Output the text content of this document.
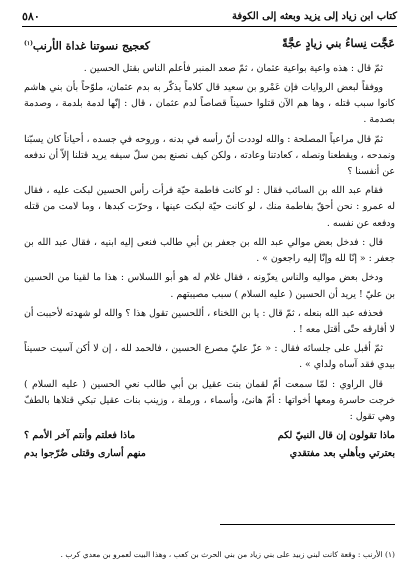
كتاب ابن زياد إلى يزيد وبعثه إلى الكوفة
٥٨٠
عَجَّت نِساءُ بني زيادٍ عجَّةً
كعجيج نسوتنا غداة الأرنب$^{(١)}$

ثمّ قال : هذه واعية بواعية عثمان ، ثمّ صعد المنبر فأعلم الناس بقتل الحسين .

ووفقاً لبعض الروايات فإن عَمْرو بن سعيد قال كلاماً يذكّر به بدم عثمان، ملوّحاً بأن بني هاشم كانوا سبب قتله ، وها هم الآن قتلوا حسيناً قصاصاً لدم عثمان ، قال : إنّها لدمة بلدمة ، وصدمة بصدمة .

ثمّ قال مراعياً المصلحة : والله لوددت أنّ رأسه في بدنه ، وروحه في جسده ، أحياناً كان يسبّنا ونمدحه ، ويقطعنا ونصله ، كعادتنا وعادته ، ولكن كيف نصنع بمن سلّ سيفه يريد قتلنا إلاّ أن ندفعه عن أنفسنا ؟

فقام عبد الله بن السائب فقال : لو كانت فاطمة حيّة فرأت رأس الحسين لبكت عليه ، فقال له عمرو : نحن أحقّ بفاطمة منك ، لو كانت حيّة لبكت عينها ، وحرّت كبدها ، وما لامت من قتله ودفعه عن نفسه .

قال : فدخل بعض موالي عبد الله بن جعفر بن أبي طالب فنعى إليه ابنيه ، فقال عبد الله بن جعفر : « إنّا لله وإنّا إليه راجعون » .

ودخل بعض مواليه والناس يعزّونه ، فقال غلام له هو أبو اللسلاس : هذا ما لقينا من الحسين بن عليّ ! يريد أن الحسين ( عليه السلام ) سبب مصيبتهم .

فحذفه عبد الله بنعله ، ثمّ قال : يا بن اللخناء ، أللحسين تقول هذا ؟ والله لو شهدته لأحببت أن لا أفارقه حتّى أقتل معه ! .

ثمّ أقبل على جلسائه فقال : « عزّ عليّ مصرع الحسين ، فالحمد لله ، إن لا أكن آسيت حسيناً بيدي فقد آساه ولداي » .

قال الراوي : لمّا سمعت أمّ لقمان بنت عقيل بن أبي طالب نعي الحسين ( عليه السلام ) خرجت حاسرة ومعها أخواتها : أمّ هانئ، وأسماء ، ورملة ، وزينب بنات عقيل تبكي قتلاها بالطفّ وهي تقول :

ماذا تقولون إن قال النبيّ لكم
ماذا فعلتم وأنتم آخر الأمم ؟
بعترتي وبأهلي بعد مفتقدي
منهم أسارى وقتلى ضُرّجوا بدم
(١) الأرنب : وقعة كانت لبني زبيد على بني زياد من بني الحرث بن كعب ، وهذا البيت لعمرو بن معدي كرب .
